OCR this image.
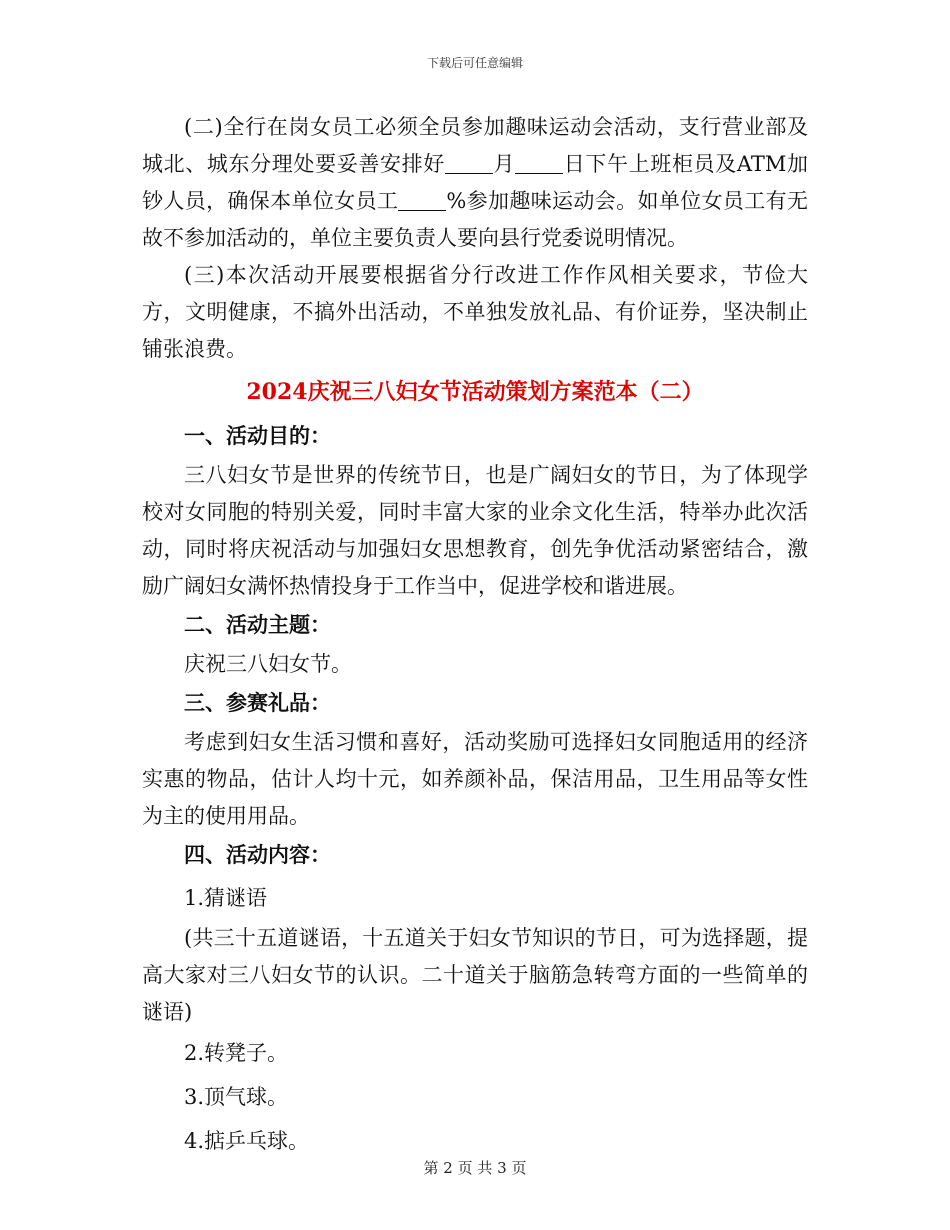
下载后可任意编辑

(二)全行在岗女员工必须全员参加趣味运动会活动，支行营业部及城北、城东分理处要妥善安排好 月 日下午上班柜员及ATM加钞人员，确保本单位女员工 %参加趣味运动会。如单位女员工有无故不参加活动的，单位主要负责人要向县行党委说明情况。

(三)本次活动开展要根据省分行改进工作作风相关要求，节俭大方，文明健康，不搞外出活动，不单独发放礼品、有价证券，坚决制止铺张浪费。

2024庆祝三八妇女节活动策划方案范本（二）

一、活动目的：

三八妇女节是世界的传统节日，也是广阔妇女的节日，为了体现学校对女同胞的特别关爱，同时丰富大家的业余文化生活，特举办此次活动，同时将庆祝活动与加强妇女思想教育，创先争优活动紧密结合，激励广阔妇女满怀热情投身于工作当中，促进学校和谐进展。

二、活动主题：

庆祝三八妇女节。

三、参赛礼品：

考虑到妇女生活习惯和喜好，活动奖励可选择妇女同胞适用的经济实惠的物品，估计人均十元，如养颜补品，保洁用品，卫生用品等女性为主的使用用品。

四、活动内容：

1.猜谜语

(共三十五道谜语，十五道关于妇女节知识的节日，可为选择题，提高大家对三八妇女节的认识。二十道关于脑筋急转弯方面的一些简单的谜语)

2.转凳子。

3.顶气球。

4.掂乒乓球。

第 2 页 共 3 页
